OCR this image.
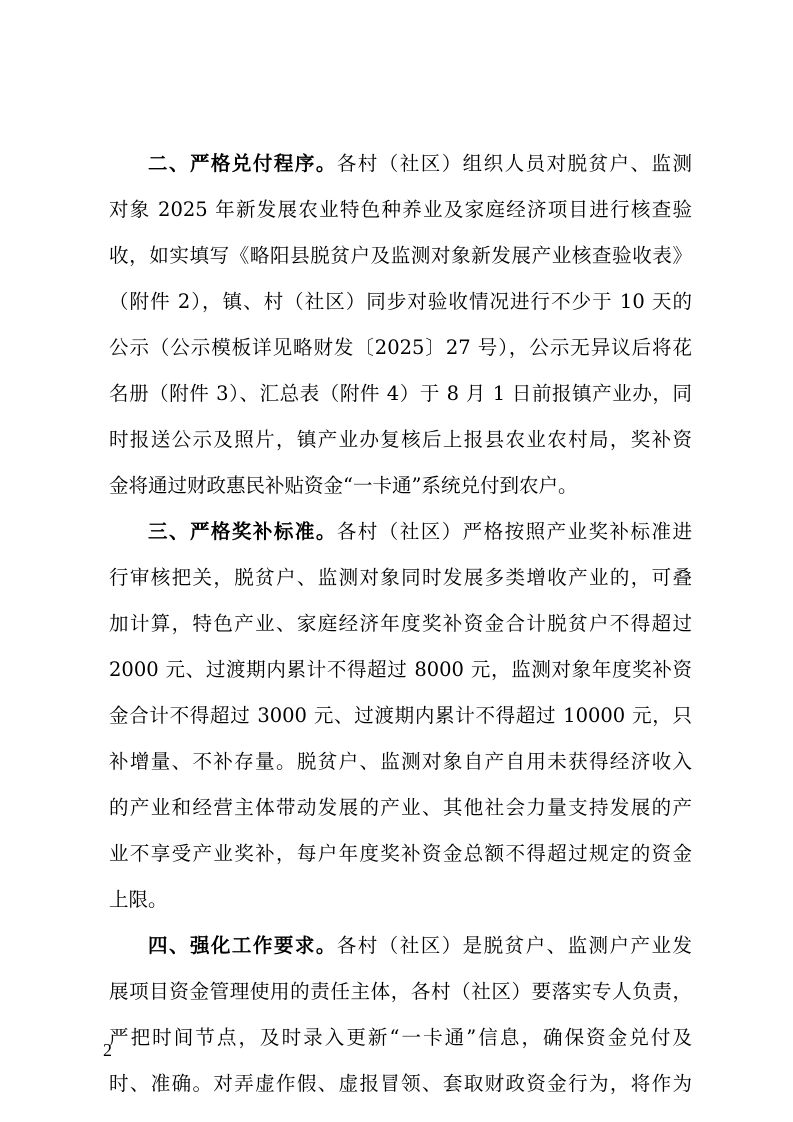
二、严格兑付程序。各村（社区）组织人员对脱贫户、监测
对象 2025 年新发展农业特色种养业及家庭经济项目进行核查验
收，如实填写《略阳县脱贫户及监测对象新发展产业核查验收表》
（附件 2），镇、村（社区）同步对验收情况进行不少于 10 天的
公示（公示模板详见略财发〔2025〕27 号），公示无异议后将花
名册（附件 3）、汇总表（附件 4）于 8 月 1 日前报镇产业办，同
时报送公示及照片，镇产业办复核后上报县农业农村局，奖补资
金将通过财政惠民补贴资金“一卡通”系统兑付到农户。
三、严格奖补标准。各村（社区）严格按照产业奖补标准进
行审核把关，脱贫户、监测对象同时发展多类增收产业的，可叠
加计算，特色产业、家庭经济年度奖补资金合计脱贫户不得超过
2000 元、过渡期内累计不得超过 8000 元，监测对象年度奖补资
金合计不得超过 3000 元、过渡期内累计不得超过 10000 元，只
补增量、不补存量。脱贫户、监测对象自产自用未获得经济收入
的产业和经营主体带动发展的产业、其他社会力量支持发展的产
业不享受产业奖补，每户年度奖补资金总额不得超过规定的资金
上限。
四、强化工作要求。各村（社区）是脱贫户、监测户产业发
展项目资金管理使用的责任主体，各村（社区）要落实专人负责，
严把时间节点，及时录入更新“一卡通”信息，确保资金兑付及
时、准确。对弄虚作假、虚报冒领、套取财政资金行为，将作为
2
